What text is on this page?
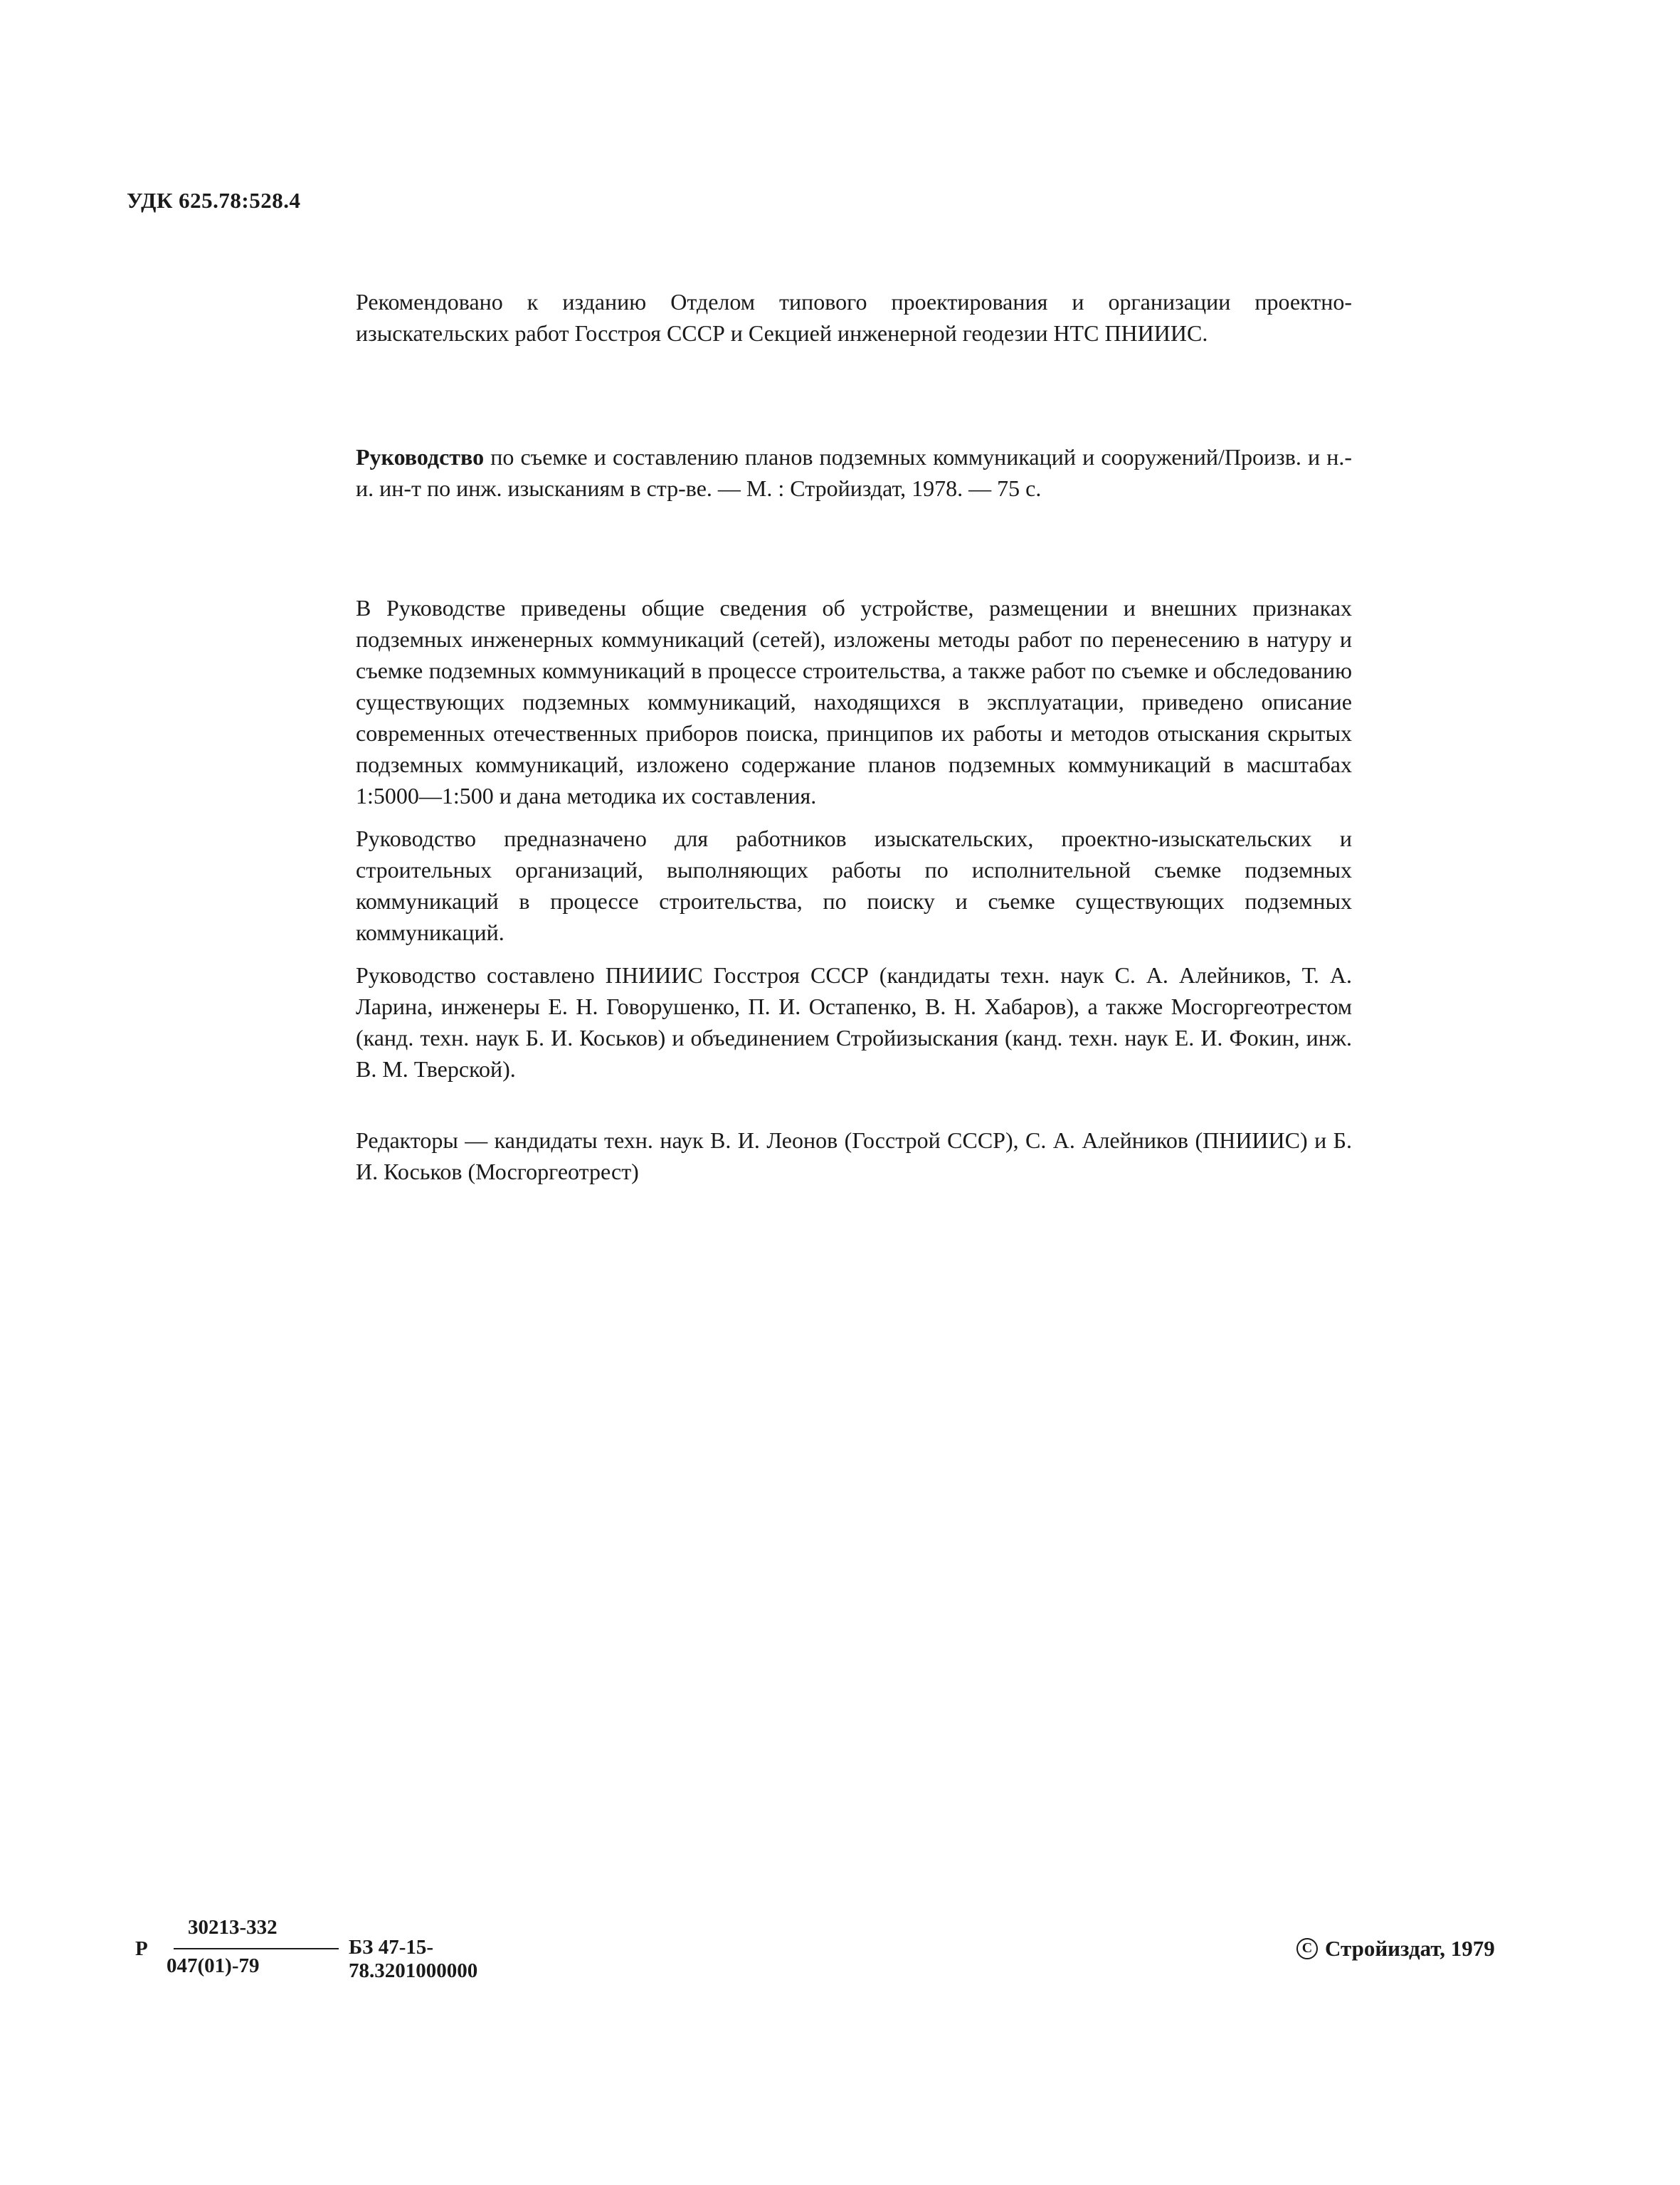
УДК 625.78:528.4

Рекомендовано к изданию Отделом типового проектирования и организации проектно-изыскательских работ Госстроя СССР и Секцией инженерной геодезии НТС ПНИИИС.

Руководство по съемке и составлению планов подземных коммуникаций и сооружений/Произв. и н.-и. ин-т по инж. изысканиям в стр-ве. — М. : Стройиздат, 1978. — 75 с.

В Руководстве приведены общие сведения об устройстве, размещении и внешних признаках подземных инженерных коммуникаций (сетей), изложены методы работ по перенесению в натуру и съемке подземных коммуникаций в процессе строительства, а также работ по съемке и обследованию существующих подземных коммуникаций, находящихся в эксплуатации, приведено описание современных отечественных приборов поиска, принципов их работы и методов отыскания скрытых подземных коммуникаций, изложено содержание планов подземных коммуникаций в масштабах 1:5000—1:500 и дана методика их составления.

Руководство предназначено для работников изыскательских, проектно-изыскательских и строительных организаций, выполняющих работы по исполнительной съемке подземных коммуникаций в процессе строительства, по поиску и съемке существующих подземных коммуникаций.

Руководство составлено ПНИИИС Госстроя СССР (кандидаты техн. наук С. А. Алейников, Т. А. Ларина, инженеры Е. Н. Говорушенко, П. И. Остапенко, В. Н. Хабаров), а также Мосгоргеотрестом (канд. техн. наук Б. И. Коськов) и объединением Стройизыскания (канд. техн. наук Е. И. Фокин, инж. В. М. Тверской).

Редакторы — кандидаты техн. наук В. И. Леонов (Госстрой СССР), С. А. Алейников (ПНИИИС) и Б. И. Коськов (Мосгоргеотрест)

Р
30213-332
047(01)-79
БЗ 47-15-78.3201000000
C Стройиздат, 1979
